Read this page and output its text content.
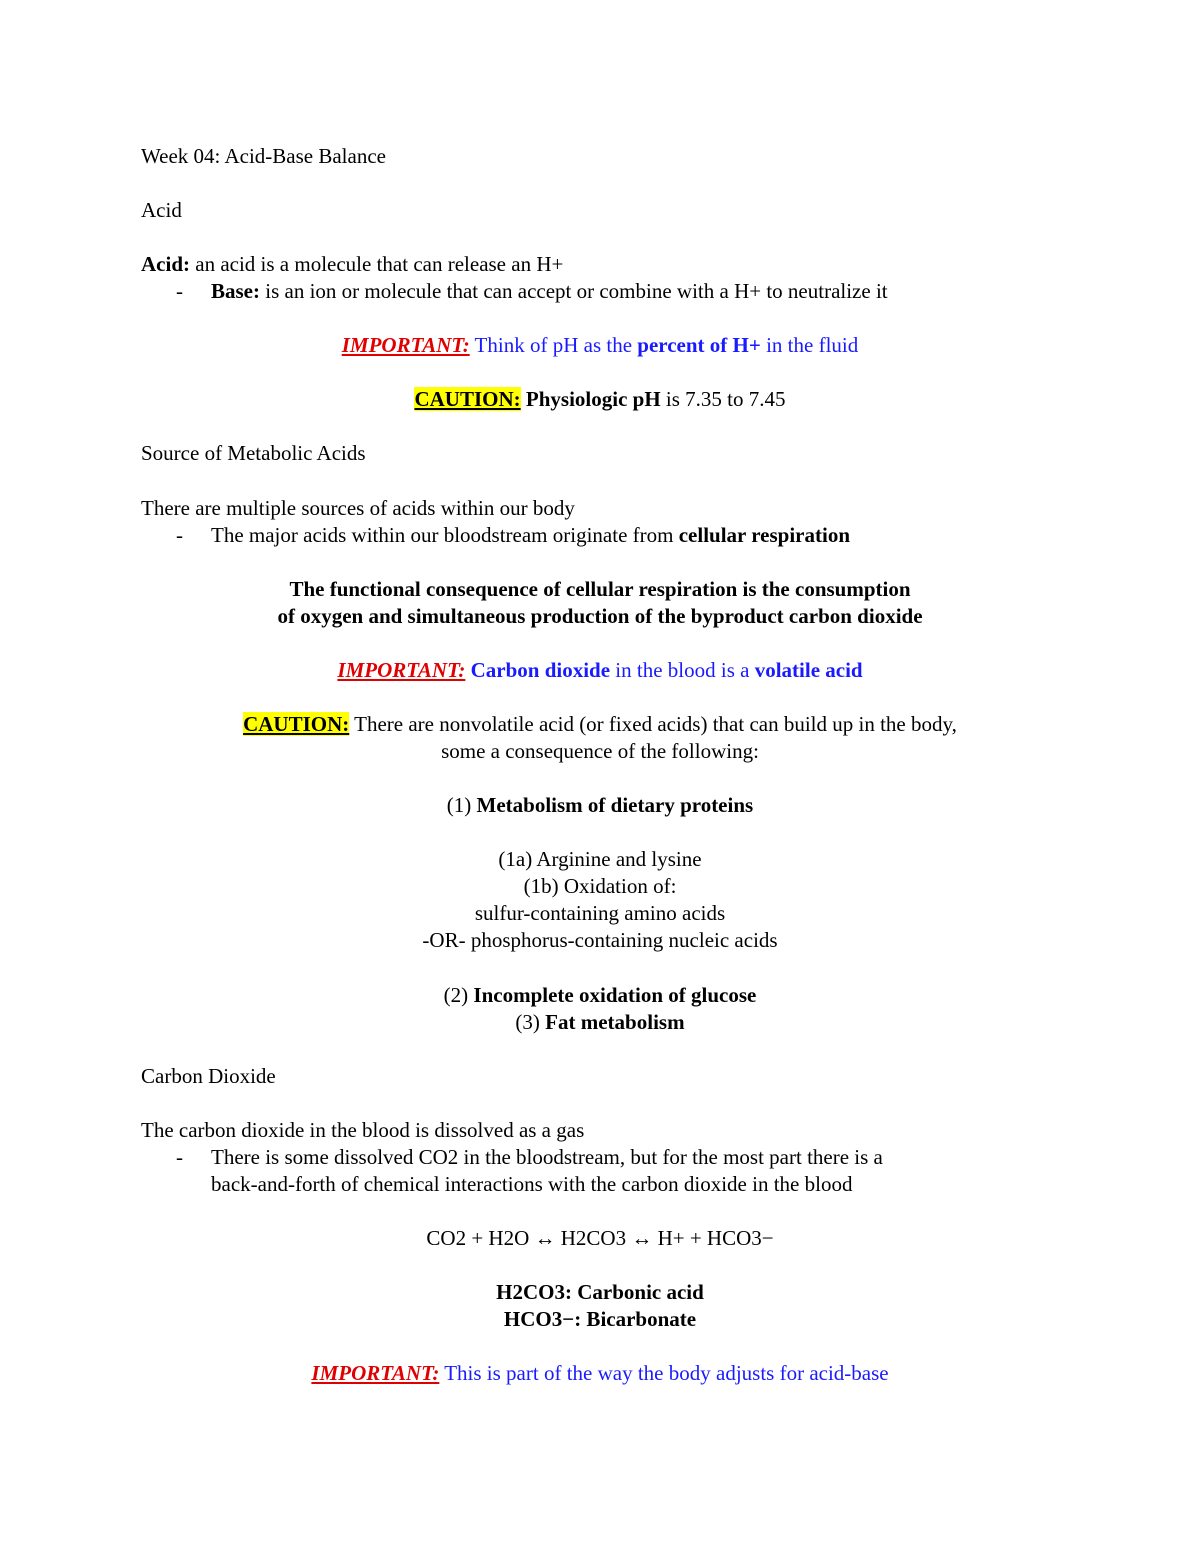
Week 04: Acid-Base Balance
Acid
Acid: an acid is a molecule that can release an H+
- Base: is an ion or molecule that can accept or combine with a H+ to neutralize it
IMPORTANT: Think of pH as the percent of H+ in the fluid
CAUTION: Physiologic pH is 7.35 to 7.45
Source of Metabolic Acids
There are multiple sources of acids within our body
- The major acids within our bloodstream originate from cellular respiration
The functional consequence of cellular respiration is the consumption
of oxygen and simultaneous production of the byproduct carbon dioxide
IMPORTANT: Carbon dioxide in the blood is a volatile acid
CAUTION: There are nonvolatile acid (or fixed acids) that can build up in the body,
some a consequence of the following:
(1) Metabolism of dietary proteins
(1a) Arginine and lysine
(1b) Oxidation of:
sulfur-containing amino acids
-OR- phosphorus-containing nucleic acids
(2) Incomplete oxidation of glucose
(3) Fat metabolism
Carbon Dioxide
The carbon dioxide in the blood is dissolved as a gas
- There is some dissolved CO2 in the bloodstream, but for the most part there is a
back-and-forth of chemical interactions with the carbon dioxide in the blood
CO2 + H2O ↔ H2CO3 ↔ H+ + HCO3−
H2CO3: Carbonic acid
HCO3−: Bicarbonate
IMPORTANT: This is part of the way the body adjusts for acid-base
